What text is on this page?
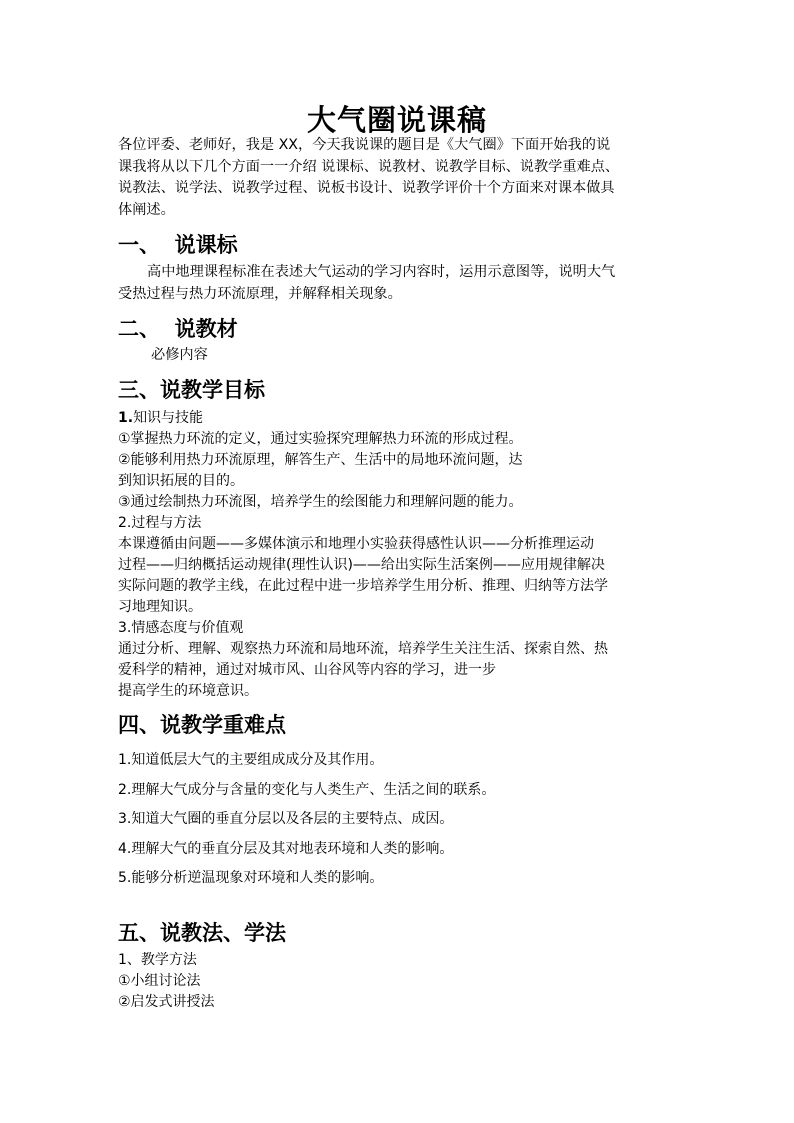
大气圈说课稿
各位评委、老师好，我是 XX，今天我说课的题目是《大气圈》下面开始我的说
课我将从以下几个方面一一介绍 说课标、说教材、说教学目标、说教学重难点、
说教法、说学法、说教学过程、说板书设计、说教学评价十个方面来对课本做具
体阐述。
一、  说课标
高中地理课程标准在表述大气运动的学习内容时，运用示意图等，说明大气
受热过程与热力环流原理，并解释相关现象。
二、  说教材
必修内容
三、说教学目标
1.知识与技能
①掌握热力环流的定义，通过实验探究理解热力环流的形成过程。
②能够利用热力环流原理，解答生产、生活中的局地环流问题，达
到知识拓展的目的。
③通过绘制热力环流图，培养学生的绘图能力和理解问题的能力。
2.过程与方法
本课遵循由问题——多媒体演示和地理小实验获得感性认识——分析推理运动
过程——归纳概括运动规律(理性认识)——给出实际生活案例——应用规律解决
实际问题的教学主线，在此过程中进一步培养学生用分析、推理、归纳等方法学
习地理知识。
3.情感态度与价值观
通过分析、理解、观察热力环流和局地环流，培养学生关注生活、探索自然、热
爱科学的精神，通过对城市风、山谷风等内容的学习，进一步
提高学生的环境意识。
四、说教学重难点
1.知道低层大气的主要组成成分及其作用。
2.理解大气成分与含量的变化与人类生产、生活之间的联系。
3.知道大气圈的垂直分层以及各层的主要特点、成因。
4.理解大气的垂直分层及其对地表环境和人类的影响。
5.能够分析逆温现象对环境和人类的影响。
五、说教法、学法
1、教学方法
①小组讨论法
②启发式讲授法
